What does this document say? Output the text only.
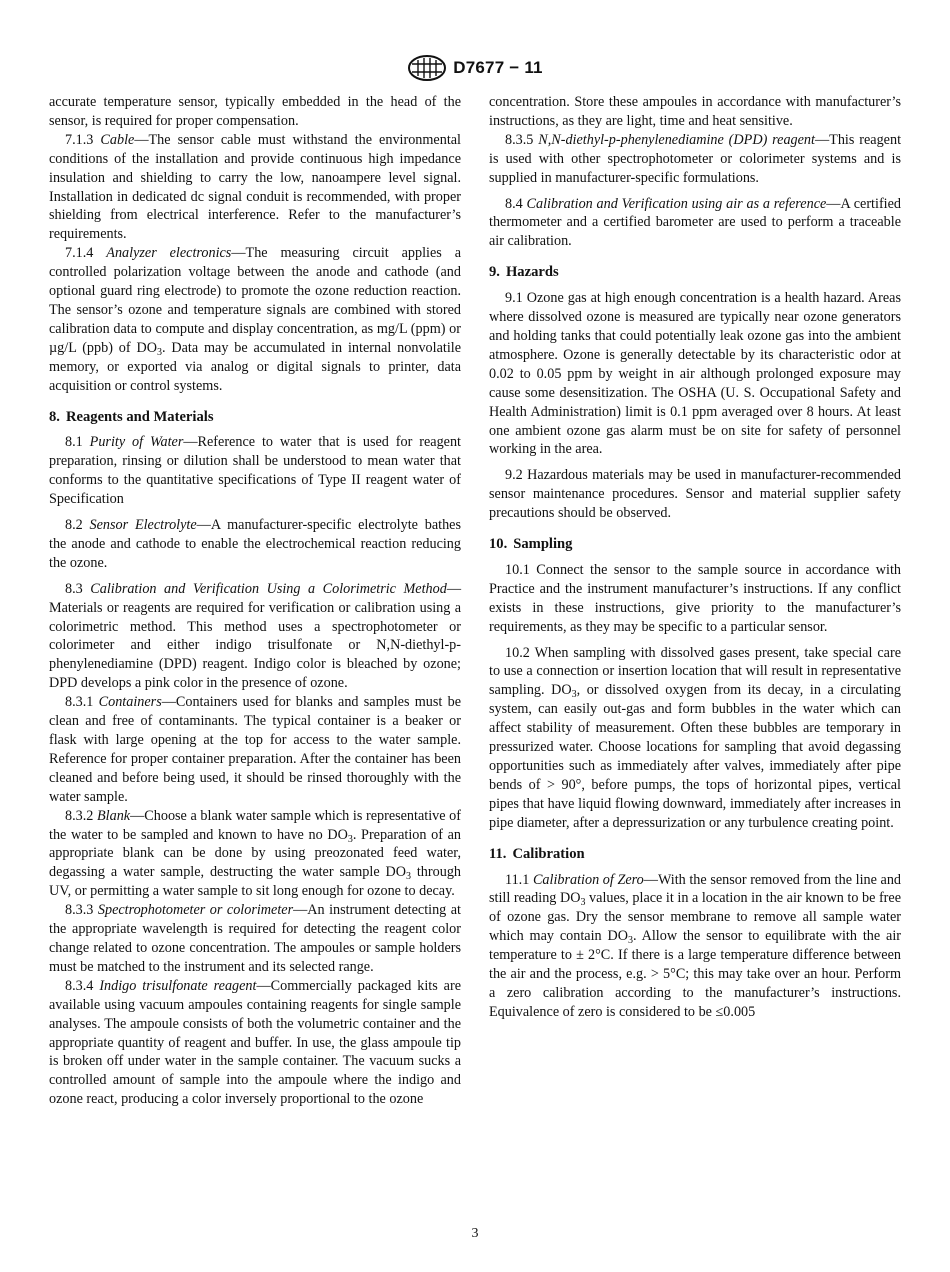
D7677 − 11

accurate temperature sensor, typically embedded in the head of the sensor, is required for proper compensation.

7.1.3 Cable—The sensor cable must withstand the environmental conditions of the installation and provide continuous high impedance insulation and shielding to carry the low, nanoampere level signal. Installation in dedicated dc signal conduit is recommended, with proper shielding from electrical interference. Refer to the manufacturer’s requirements.

7.1.4 Analyzer electronics—The measuring circuit applies a controlled polarization voltage between the anode and cathode (and optional guard ring electrode) to promote the ozone reduction reaction. The sensor’s ozone and temperature signals are combined with stored calibration data to compute and display concentration, as mg/L (ppm) or µg/L (ppb) of $DO_3$. Data may be accumulated in internal nonvolatile memory, or exported via analog or digital signals to printer, data acquisition or control systems.

8. Reagents and Materials

8.1 Purity of Water—Reference to water that is used for reagent preparation, rinsing or dilution shall be understood to mean water that conforms to the quantitative specifications of Type II reagent water of Specification

8.2 Sensor Electrolyte—A manufacturer-specific electrolyte bathes the anode and cathode to enable the electrochemical reaction reducing the ozone.

8.3 Calibration and Verification Using a Colorimetric Method—Materials or reagents are required for verification or calibration using a colorimetric method. This method uses a spectrophotometer or colorimeter and either indigo trisulfonate or N,N-diethyl-p-phenylenediamine (DPD) reagent. Indigo color is bleached by ozone; DPD develops a pink color in the presence of ozone.

8.3.1 Containers—Containers used for blanks and samples must be clean and free of contaminants. The typical container is a beaker or flask with large opening at the top for access to the water sample. Reference for proper container preparation. After the container has been cleaned and before being used, it should be rinsed thoroughly with the water sample.

8.3.2 Blank—Choose a blank water sample which is representative of the water to be sampled and known to have no $DO_3$. Preparation of an appropriate blank can be done by using preozonated feed water, degassing a water sample, destructing the water sample $DO_3$ through UV, or permitting a water sample to sit long enough for ozone to decay.

8.3.3 Spectrophotometer or colorimeter—An instrument detecting at the appropriate wavelength is required for detecting the reagent color change related to ozone concentration. The ampoules or sample holders must be matched to the instrument and its selected range.

8.3.4 Indigo trisulfonate reagent—Commercially packaged kits are available using vacuum ampoules containing reagents for single sample analyses. The ampoule consists of both the volumetric container and the appropriate quantity of reagent and buffer. In use, the glass ampoule tip is broken off under water in the sample container. The vacuum sucks a controlled amount of sample into the ampoule where the indigo and ozone react, producing a color inversely proportional to the ozone

concentration. Store these ampoules in accordance with manufacturer’s instructions, as they are light, time and heat sensitive.

8.3.5 N,N-diethyl-p-phenylenediamine (DPD) reagent—This reagent is used with other spectrophotometer or colorimeter systems and is supplied in manufacturer-specific formulations.

8.4 Calibration and Verification using air as a reference—A certified thermometer and a certified barometer are used to perform a traceable air calibration.

9. Hazards

9.1 Ozone gas at high enough concentration is a health hazard. Areas where dissolved ozone is measured are typically near ozone generators and holding tanks that could potentially leak ozone gas into the ambient atmosphere. Ozone is generally detectable by its characteristic odor at 0.02 to 0.05 ppm by weight in air although prolonged exposure may cause some desensitization. The OSHA (U. S. Occupational Safety and Health Administration) limit is 0.1 ppm averaged over 8 hours. At least one ambient ozone gas alarm must be on site for safety of personnel working in the area.

9.2 Hazardous materials may be used in manufacturer-recommended sensor maintenance procedures. Sensor and material supplier safety precautions should be observed.

10. Sampling

10.1 Connect the sensor to the sample source in accordance with Practice and the instrument manufacturer’s instructions. If any conflict exists in these instructions, give priority to the manufacturer’s requirements, as they may be specific to a particular sensor.

10.2 When sampling with dissolved gases present, take special care to use a connection or insertion location that will result in representative sampling. $DO_3$, or dissolved oxygen from its decay, in a circulating system, can easily out-gas and form bubbles in the water which can affect stability of measurement. Often these bubbles are temporary in pressurized water. Choose locations for sampling that avoid degassing opportunities such as immediately after valves, immediately after pipe bends of > 90°, before pumps, the tops of horizontal pipes, vertical pipes that have liquid flowing downward, immediately after increases in pipe diameter, after a depressurization or any turbulence creating point.

11. Calibration

11.1 Calibration of Zero—With the sensor removed from the line and still reading $DO_3$ values, place it in a location in the air known to be free of ozone gas. Dry the sensor membrane to remove all sample water which may contain $DO_3$. Allow the sensor to equilibrate with the air temperature to ± 2°C. If there is a large temperature difference between the air and the process, e.g. > 5°C; this may take over an hour. Perform a zero calibration according to the manufacturer’s instructions. Equivalence of zero is considered to be ≤0.005

3
